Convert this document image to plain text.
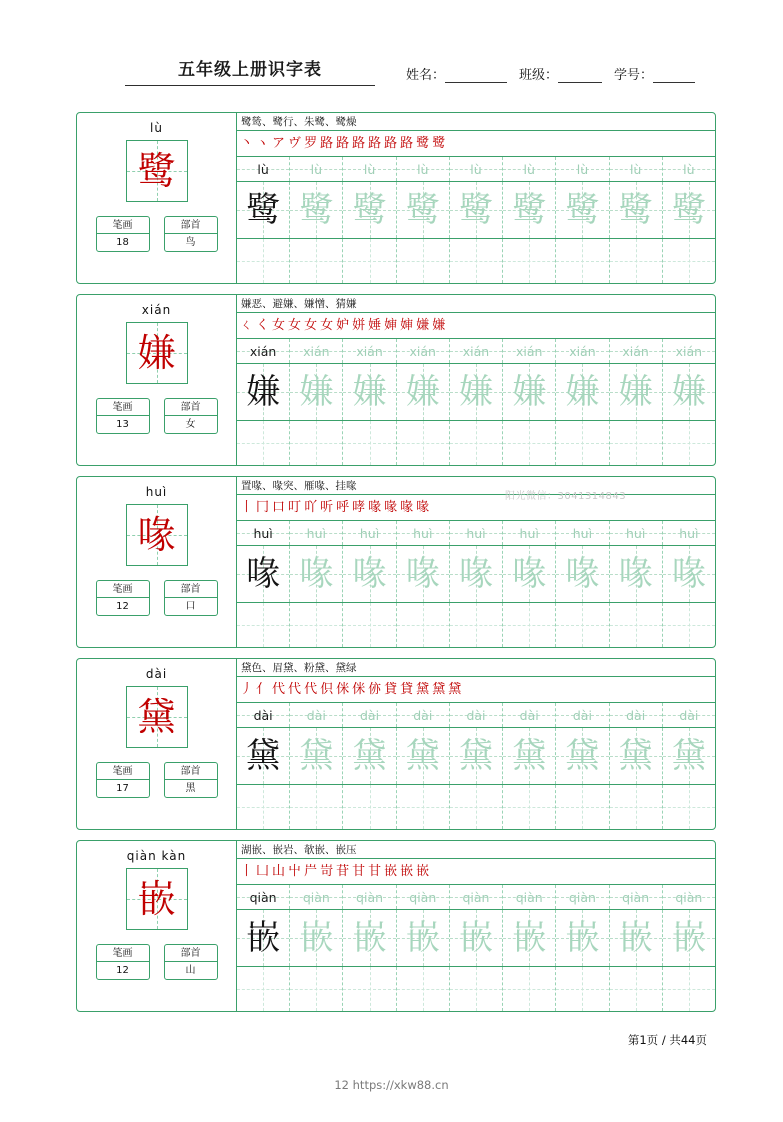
五年级上册识字表	姓名：	班级：	学号：
lù
鹭
笔画
18
部首
鸟
鹭鸶、鹭行、朱鹭、鹭燥
丶 ヽ ア ヴ 罗 路 路 路 路 路 路 鹭 鹭
lù	lù	lù	lù	lù	lù	lù	lù	lù
鹭 鹭 鹭 鹭 鹭 鹭 鹭 鹭 鹭
xián
嫌
笔画
13
部首
女
嫌恶、避嫌、嫌憎、猜嫌
ㄑ く 女 女 女 女 妒 姘 娷 婶 婶 嫌 嫌
xián xián xián xián xián xián xián xián xián
嫌 嫌 嫌 嫌 嫌 嫌 嫌 嫌 嫌
huì
喙
笔画
12
部首
口
置喙、喙突、雁喙、挂喙
丨 冂 口 叮 吖 听 呼 哮 喙 喙 喙 喙
huì	huì	huì	huì	huì	huì	huì	huì	huì
喙 喙 喙 喙 喙 喙 喙 喙 喙
dài
黛
笔画
17
部首
黑
黛色、眉黛、粉黛、黛绿
丿 亻 代 代 代 伿 侎 侎 㑊 貸 貸 黛 黛 黛
dài	dài	dài	dài	dài	dài	dài	dài	dài
黛 黛 黛 黛 黛 黛 黛 黛 黛
qiàn kàn
嵌
笔画
12
部首
山
湖嵌、嵌岩、欹嵌、嵌压
丨 凵 山 屮 屵 岢 苷 甘 甘 嵌 嵌 嵌
qiàn qiàn qiàn qiàn qiàn qiàn qiàn qiàn qiàn
嵌 嵌 嵌 嵌 嵌 嵌 嵌 嵌 嵌
阳光微信：3041314843
第1页 / 共44页
12 https://xkw88.cn
